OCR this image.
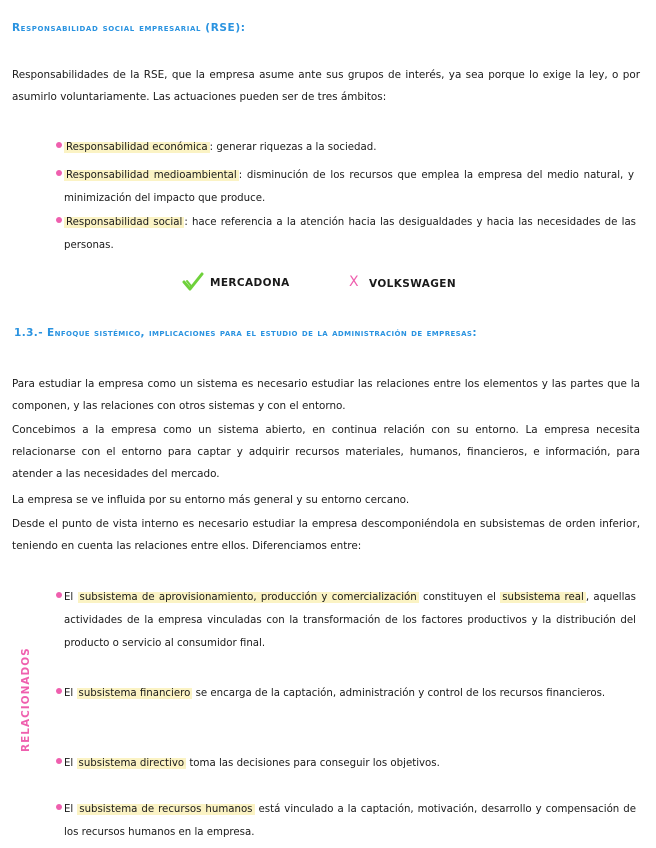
Responsabilidad social empresarial (RSE):
Responsabilidades de la RSE, que la empresa asume ante sus grupos de interés, ya sea porque lo exige la ley, o por asumirlo voluntariamente. Las actuaciones pueden ser de tres ámbitos:
Responsabilidad económica : generar riquezas a la sociedad.
Responsabilidad medioambiental : disminución de los recursos que emplea la empresa del medio natural, y minimización del impacto que produce.
Responsabilidad social : hace referencia a la atención hacia las desigualdades y hacia las necesidades de las personas.
MERCADONA	X VOLKSWAGEN
1.3.- Enfoque sistémico, implicaciones para el estudio de la administración de empresas:
Para estudiar la empresa como un sistema es necesario estudiar las relaciones entre los elementos y las partes que la componen, y las relaciones con otros sistemas y con el entorno.
Concebimos a la empresa como un sistema abierto, en continua relación con su entorno. La empresa necesita relacionarse con el entorno para captar y adquirir recursos materiales, humanos, financieros, e información, para atender a las necesidades del mercado.
La empresa se ve influida por su entorno más general y su entorno cercano.
Desde el punto de vista interno es necesario estudiar la empresa descomponiéndola en subsistemas de orden inferior, teniendo en cuenta las relaciones entre ellos. Diferenciamos entre:
RELACIONADOS
El subsistema de aprovisionamiento, producción y comercialización constituyen el subsistema real , aquellas actividades de la empresa vinculadas con la transformación de los factores productivos y la distribución del producto o servicio al consumidor final.
El subsistema financiero se encarga de la captación, administración y control de los recursos financieros.
El subsistema directivo toma las decisiones para conseguir los objetivos.
El subsistema de recursos humanos está vinculado a la captación, motivación, desarrollo y compensación de los recursos humanos en la empresa.
